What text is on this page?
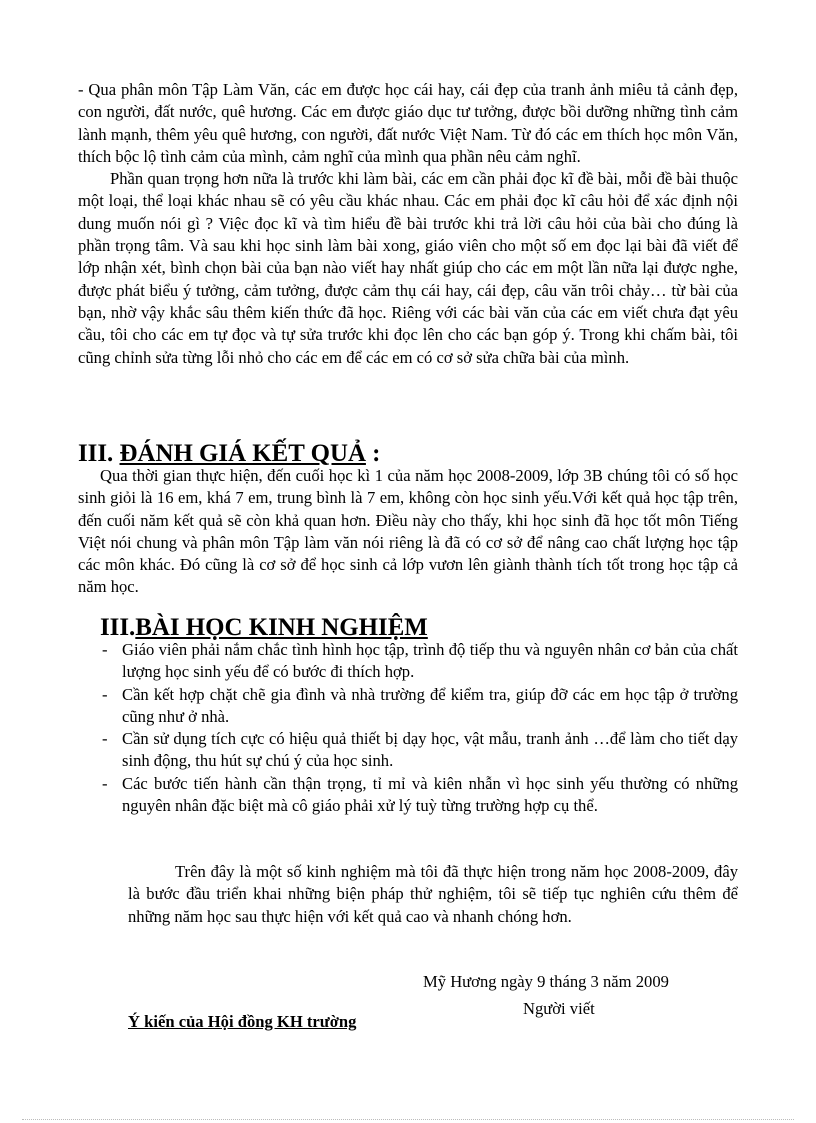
- Qua phân môn Tập Làm Văn, các em được học cái hay, cái đẹp của tranh ảnh miêu tả cảnh đẹp, con người, đất nước, quê hương. Các em được giáo dục tư tưởng, được bồi dưỡng những tình cảm lành mạnh, thêm yêu quê hương, con người, đất nước Việt Nam. Từ đó các em thích học môn Văn, thích bộc lộ tình cảm của mình, cảm nghĩ của mình qua phần nêu cảm nghĩ.

Phần quan trọng hơn nữa là trước khi làm bài, các em cần phải đọc kĩ đề bài, mỗi đề bài thuộc một loại, thể loại khác nhau sẽ có yêu cầu khác nhau. Các em phải đọc kĩ câu hỏi để xác định nội dung muốn nói gì ? Việc đọc kĩ và tìm hiểu đề bài trước khi trả lời câu hỏi của bài cho đúng là phần trọng tâm. Và sau khi học sinh làm bài xong, giáo viên cho một số em đọc lại bài đã viết để lớp nhận xét, bình chọn bài của bạn nào viết hay nhất giúp cho các em một lần nữa lại được nghe, được phát biểu ý tưởng, cảm tưởng, được cảm thụ cái hay, cái đẹp, câu văn trôi chảy… từ bài của bạn, nhờ vậy khắc sâu thêm kiến thức đã học. Riêng với các bài văn của các em viết chưa đạt yêu cầu, tôi cho các em tự đọc và tự sửa trước khi đọc lên cho các bạn góp ý. Trong khi chấm bài, tôi cũng chỉnh sửa từng lỗi nhỏ cho các em để các em có cơ sở sửa chữa bài của mình.

III. ĐÁNH GIÁ KẾT QUẢ :

Qua thời gian thực hiện, đến cuối học kì 1 của năm học 2008-2009, lớp 3B chúng tôi có số học sinh giỏi là 16 em, khá 7 em, trung bình là 7 em, không còn học sinh yếu.Với kết quả học tập trên, đến cuối năm kết quả sẽ còn khả quan hơn. Điều này cho thấy, khi học sinh đã học tốt môn Tiếng Việt nói chung và phân môn Tập làm văn nói riêng là đã có cơ sở để nâng cao chất lượng học tập các môn khác. Đó cũng là cơ sở để học sinh cả lớp vươn lên giành thành tích tốt trong học tập cả năm học.

III.BÀI HỌC KINH NGHIỆM
- Giáo viên phải nắm chắc tình hình học tập, trình độ tiếp thu và nguyên nhân cơ bản của chất lượng học sinh yếu để có bước đi thích hợp.
- Cần kết hợp chặt chẽ gia đình và nhà trường để kiểm tra, giúp đỡ các em học tập ở trường cũng như ở nhà.
- Cần sử dụng tích cực có hiệu quả thiết bị dạy học, vật mẫu, tranh ảnh …để làm cho tiết dạy sinh động, thu hút sự chú ý của học sinh.
- Các bước tiến hành cần thận trọng, tỉ mỉ và kiên nhẫn vì học sinh yếu thường có những nguyên nhân đặc biệt mà cô giáo phải xử lý tuỳ từng trường hợp cụ thể.

Trên đây là một số kinh nghiệm mà tôi đã thực hiện trong năm học 2008-2009, đây là bước đầu triển khai những biện pháp thử nghiệm, tôi sẽ tiếp tục nghiên cứu thêm để những năm học sau thực hiện với kết quả cao và nhanh chóng hơn.

Mỹ Hương ngày 9 tháng 3 năm 2009
Người viết
Ý kiến của Hội đồng KH trường
